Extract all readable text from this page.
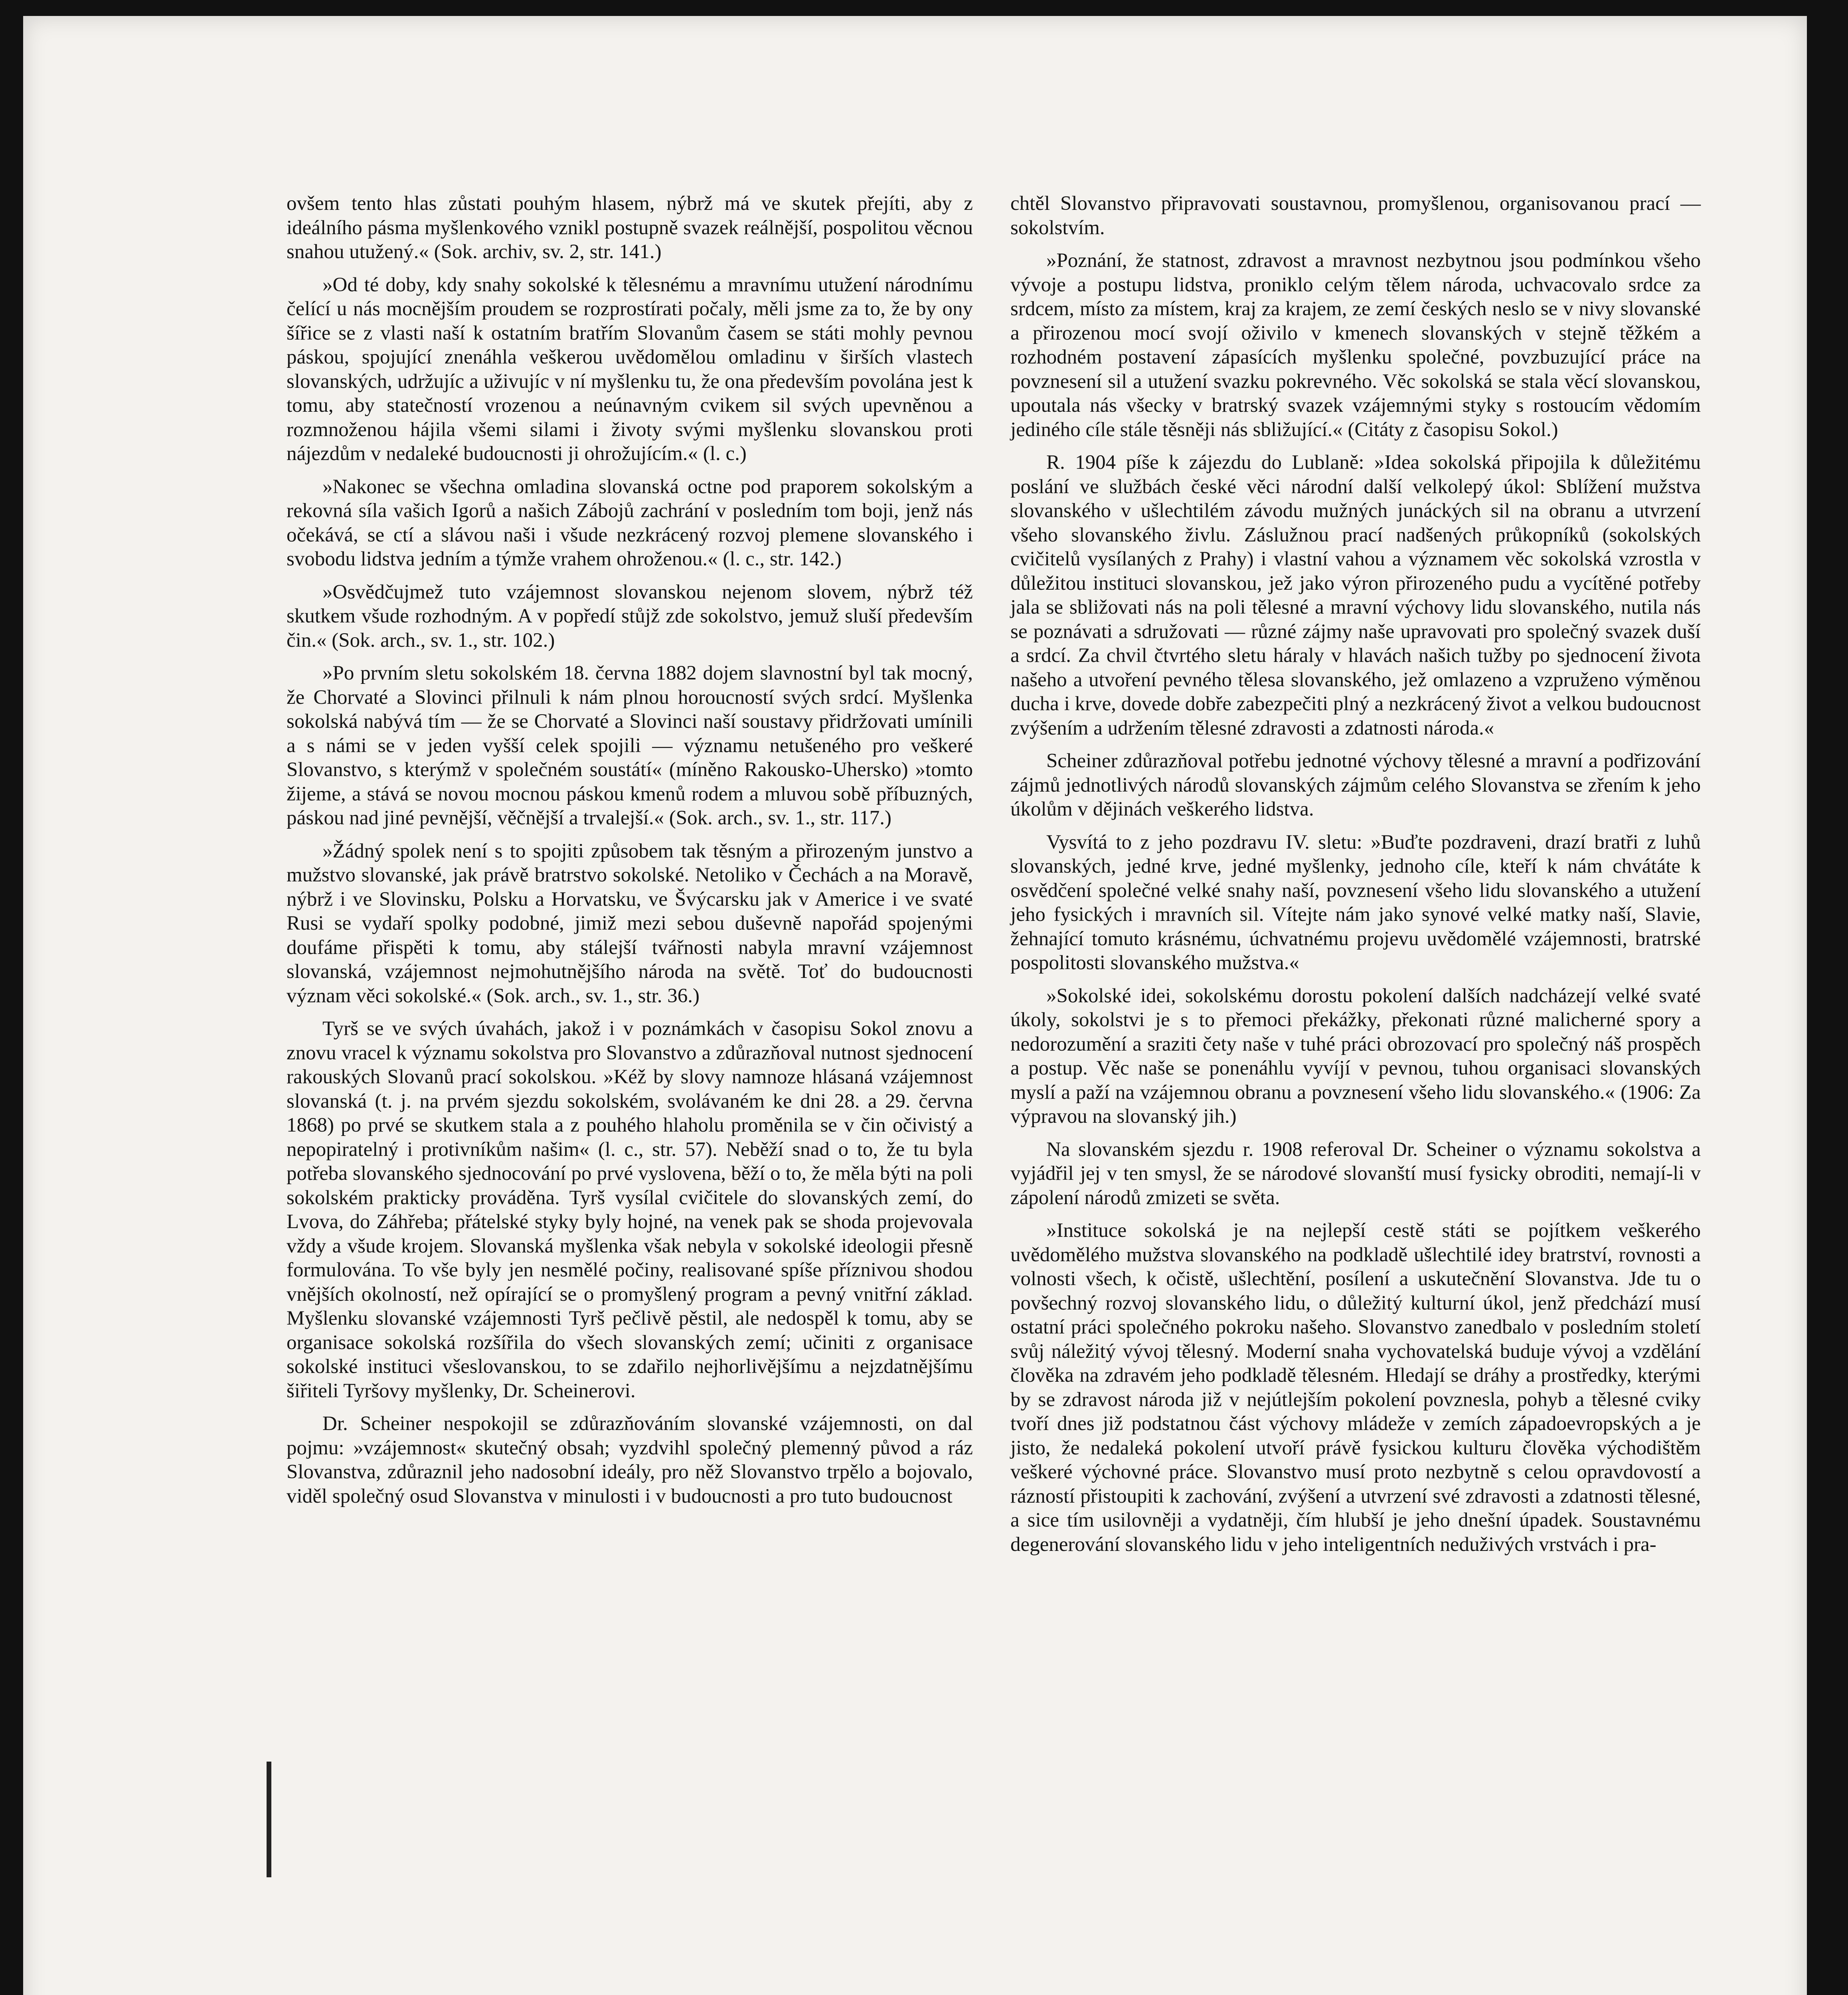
ovšem tento hlas zůstati pouhým hlasem, nýbrž má ve skutek přejíti, aby z ideálního pásma myšlenkového vznikl postupně svazek reálnější, pospolitou věcnou snahou utužený.« (Sok. archiv, sv. 2, str. 141.)

»Od té doby, kdy snahy sokolské k tělesnému a mravnímu utužení národnímu čelící u nás mocnějším proudem se rozprostírati počaly, měli jsme za to, že by ony šířice se z vlasti naší k ostatním bratřím Slovanům časem se státi mohly pevnou páskou, spojující znenáhla veškerou uvědomělou omladinu v širších vlastech slovanských, udržujíc a uživujíc v ní myšlenku tu, že ona především povolána jest k tomu, aby statečností vrozenou a neúnavným cvikem sil svých upevněnou a rozmnoženou hájila všemi silami i životy svými myšlenku slovanskou proti nájezdům v nedaleké budoucnosti ji ohrožujícím.« (l. c.)

»Nakonec se všechna omladina slovanská octne pod praporem sokolským a rekovná síla vašich Igorů a našich Zábojů zachrání v posledním tom boji, jenž nás očekává, se ctí a slávou naši i všude nezkrácený rozvoj plemene slovanského i svobodu lidstva jedním a týmže vrahem ohroženou.« (l. c., str. 142.)

»Osvědčujmež tuto vzájemnost slovanskou nejenom slovem, nýbrž též skutkem všude rozhodným. A v popředí stůjž zde sokolstvo, jemuž sluší především čin.« (Sok. arch., sv. 1., str. 102.)

»Po prvním sletu sokolském 18. června 1882 dojem slavnostní byl tak mocný, že Chorvaté a Slovinci přilnuli k nám plnou horoucností svých srdcí. Myšlenka sokolská nabývá tím — že se Chorvaté a Slovinci naší soustavy přidržovati umínili a s námi se v jeden vyšší celek spojili — významu netušeného pro veškeré Slovanstvo, s kterýmž v společném soustátí« (míněno Rakousko-Uhersko) »tomto žijeme, a stává se novou mocnou páskou kmenů rodem a mluvou sobě příbuzných, páskou nad jiné pevnější, věčnější a trvalejší.« (Sok. arch., sv. 1., str. 117.)

»Žádný spolek není s to spojiti způsobem tak těsným a přirozeným junstvo a mužstvo slovanské, jak právě bratrstvo sokolské. Netoliko v Čechách a na Moravě, nýbrž i ve Slovinsku, Polsku a Horvatsku, ve Švýcarsku jak v Americe i ve svaté Rusi se vydaří spolky podobné, jimiž mezi sebou duševně napořád spojenými doufáme přispěti k tomu, aby stálejší tvářnosti nabyla mravní vzájemnost slovanská, vzájemnost nejmohutnějšího národa na světě. Toť do budoucnosti význam věci sokolské.« (Sok. arch., sv. 1., str. 36.)

Tyrš se ve svých úvahách, jakož i v poznámkách v časopisu Sokol znovu a znovu vracel k významu sokolstva pro Slovanstvo a zdůrazňoval nutnost sjednocení rakouských Slovanů prací sokolskou. »Kéž by slovy namnoze hlásaná vzájemnost slovanská (t. j. na prvém sjezdu sokolském, svolávaném ke dni 28. a 29. června 1868) po prvé se skutkem stala a z pouhého hlaholu proměnila se v čin očivistý a nepopiratelný i protivníkům našim« (l. c., str. 57). Neběží snad o to, že tu byla potřeba slovanského sjednocování po prvé vyslovena, běží o to, že měla býti na poli sokolském prakticky prováděna. Tyrš vysílal cvičitele do slovanských zemí, do Lvova, do Záhřeba; přátelské styky byly hojné, na venek pak se shoda projevovala vždy a všude krojem. Slovanská myšlenka však nebyla v sokolské ideologii přesně formulována. To vše byly jen nesmělé počiny, realisované spíše příznivou shodou vnějších okolností, než opírající se o promyšlený program a pevný vnitřní základ. Myšlenku slovanské vzájemnosti Tyrš pečlivě pěstil, ale nedospěl k tomu, aby se organisace sokolská rozšířila do všech slovanských zemí; učiniti z organisace sokolské instituci všeslovanskou, to se zdařilo nejhorlivějšímu a nejzdatnějšímu šiřiteli Tyršovy myšlenky, Dr. Scheinerovi.

Dr. Scheiner nespokojil se zdůrazňováním slovanské vzájemnosti, on dal pojmu: »vzájemnost« skutečný obsah; vyzdvihl společný plemenný původ a ráz Slovanstva, zdůraznil jeho nadosobní ideály, pro něž Slovanstvo trpělo a bojovalo, viděl společný osud Slovanstva v minulosti i v budoucnosti a pro tuto budoucnost

chtěl Slovanstvo připravovati soustavnou, promyšlenou, organisovanou prací — sokolstvím.

»Poznání, že statnost, zdravost a mravnost nezbytnou jsou podmínkou všeho vývoje a postupu lidstva, proniklo celým tělem národa, uchvacovalo srdce za srdcem, místo za místem, kraj za krajem, ze zemí českých neslo se v nivy slovanské a přirozenou mocí svojí oživilo v kmenech slovanských v stejně těžkém a rozhodném postavení zápasících myšlenku společné, povzbuzující práce na povznesení sil a utužení svazku pokrevného. Věc sokolská se stala věcí slovanskou, upoutala nás všecky v bratrský svazek vzájemnými styky s rostoucím vědomím jediného cíle stále těsněji nás sbližující.« (Citáty z časopisu Sokol.)

R. 1904 píše k zájezdu do Lublaně: »Idea sokolská připojila k důležitému poslání ve službách české věci národní další velkolepý úkol: Sblížení mužstva slovanského v ušlechtilém závodu mužných junáckých sil na obranu a utvrzení všeho slovanského živlu. Záslužnou prací nadšených průkopníků (sokolských cvičitelů vysílaných z Prahy) i vlastní vahou a významem věc sokolská vzrostla v důležitou instituci slovanskou, jež jako výron přirozeného pudu a vycítěné potřeby jala se sbližovati nás na poli tělesné a mravní výchovy lidu slovanského, nutila nás se poznávati a sdružovati — různé zájmy naše upravovati pro společný svazek duší a srdcí. Za chvil čtvrtého sletu háraly v hlavách našich tužby po sjednocení života našeho a utvoření pevného tělesa slovanského, jež omlazeno a vzpruženo výměnou ducha i krve, dovede dobře zabezpečiti plný a nezkrácený život a velkou budoucnost zvýšením a udržením tělesné zdravosti a zdatnosti národa.«

Scheiner zdůrazňoval potřebu jednotné výchovy tělesné a mravní a podřizování zájmů jednotlivých národů slovanských zájmům celého Slovanstva se zřením k jeho úkolům v dějinách veškerého lidstva.

Vysvítá to z jeho pozdravu IV. sletu: »Buďte pozdraveni, drazí bratři z luhů slovanských, jedné krve, jedné myšlenky, jednoho cíle, kteří k nám chvátáte k osvědčení společné velké snahy naší, povznesení všeho lidu slovanského a utužení jeho fysických i mravních sil. Vítejte nám jako synové velké matky naší, Slavie, žehnající tomuto krásnému, úchvatnému projevu uvědomělé vzájemnosti, bratrské pospolitosti slovanského mužstva.«

»Sokolské idei, sokolskému dorostu pokolení dalších nadcházejí velké svaté úkoly, sokolstvi je s to přemoci překážky, překonati různé malicherné spory a nedorozumění a sraziti čety naše v tuhé práci obrozovací pro společný náš prospěch a postup. Věc naše se ponenáhlu vyvíjí v pevnou, tuhou organisaci slovanských myslí a paží na vzájemnou obranu a povznesení všeho lidu slovanského.« (1906: Za výpravou na slovanský jih.)

Na slovanském sjezdu r. 1908 referoval Dr. Scheiner o významu sokolstva a vyjádřil jej v ten smysl, že se národové slovanští musí fysicky obroditi, nemají-li v zápolení národů zmizeti se světa.

»Instituce sokolská je na nejlepší cestě státi se pojítkem veškerého uvědomělého mužstva slovanského na podkladě ušlechtilé idey bratrství, rovnosti a volnosti všech, k očistě, ušlechtění, posílení a uskutečnění Slovanstva. Jde tu o povšechný rozvoj slovanského lidu, o důležitý kulturní úkol, jenž předchází musí ostatní práci společného pokroku našeho. Slovanstvo zanedbalo v posledním století svůj náležitý vývoj tělesný. Moderní snaha vychovatelská buduje vývoj a vzdělání člověka na zdravém jeho podkladě tělesném. Hledají se dráhy a prostředky, kterými by se zdravost národa již v nejútlejším pokolení povznesla, pohyb a tělesné cviky tvoří dnes již podstatnou část výchovy mládeže v zemích západoevropských a je jisto, že nedaleká pokolení utvoří právě fysickou kulturu člověka východištěm veškeré výchovné práce. Slovanstvo musí proto nezbytně s celou opravdovostí a rázností přistoupiti k zachování, zvýšení a utvrzení své zdravosti a zdatnosti tělesné, a sice tím usilovněji a vydatněji, čím hlubší je jeho dnešní úpadek. Soustavnému degenerování slovanského lidu v jeho inteligentních neduživých vrstvách i pra-
